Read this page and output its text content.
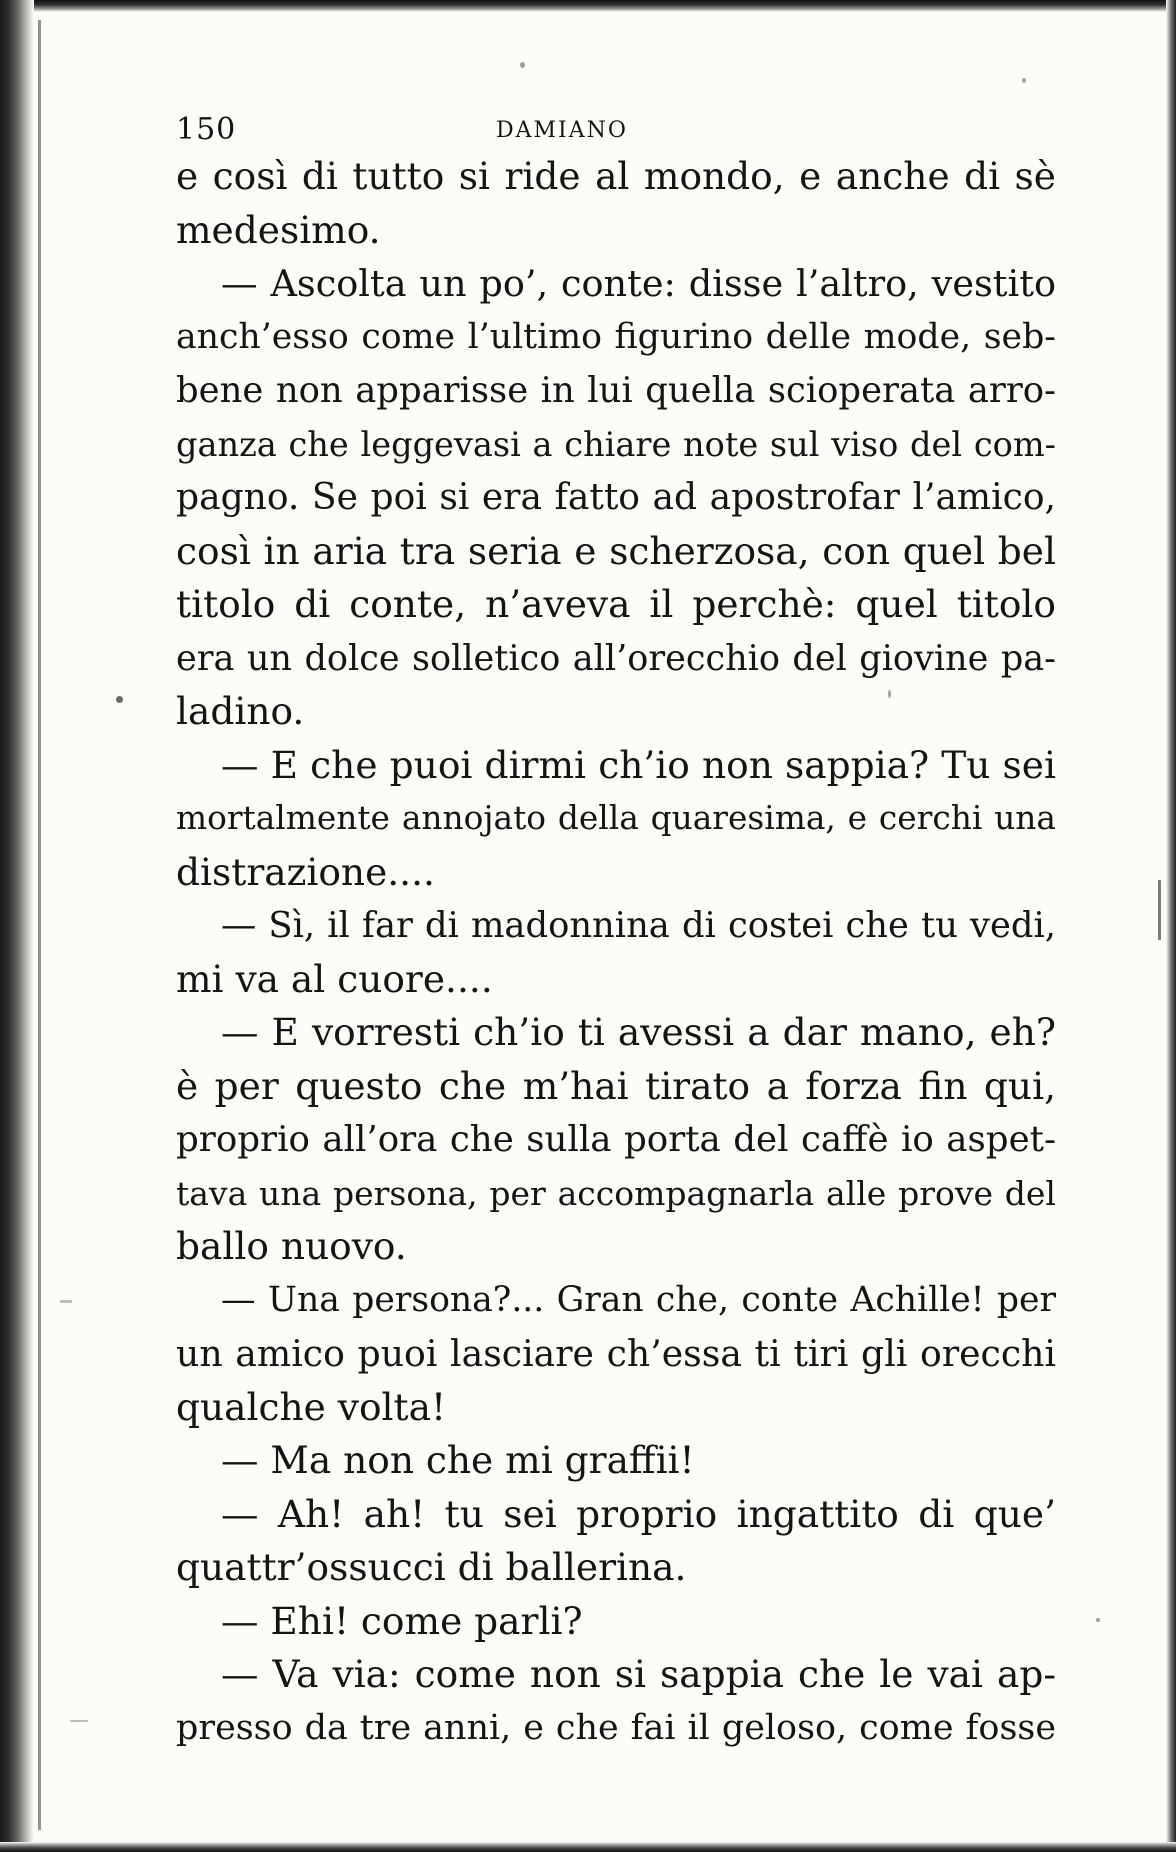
150	DAMIANO
e così di tutto si ride al mondo, e anche di sè
medesimo.
— Ascolta un po’, conte: disse l’altro, vestito
anch’esso come l’ultimo figurino delle mode, seb-
bene non apparisse in lui quella scioperata arro-
ganza che leggevasi a chiare note sul viso del com-
pagno. Se poi si era fatto ad apostrofar l’amico,
così in aria tra seria e scherzosa, con quel bel
titolo di conte, n’aveva il perchè: quel titolo
era un dolce solletico all’orecchio del giovine pa-
ladino.
— E che puoi dirmi ch’io non sappia? Tu sei
mortalmente annojato della quaresima, e cerchi una
distrazione....
— Sì, il far di madonnina di costei che tu vedi,
mi va al cuore....
— E vorresti ch’io ti avessi a dar mano, eh?
è per questo che m’hai tirato a forza fin qui,
proprio all’ora che sulla porta del caffè io aspet-
tava una persona, per accompagnarla alle prove del
ballo nuovo.
— Una persona?... Gran che, conte Achille! per
un amico puoi lasciare ch’essa ti tiri gli orecchi
qualche volta!
— Ma non che mi graffii!
— Ah! ah! tu sei proprio ingattito di que’
quattr’ossucci di ballerina.
— Ehi! come parli?
— Va via: come non si sappia che le vai ap-
presso da tre anni, e che fai il geloso, come fosse
